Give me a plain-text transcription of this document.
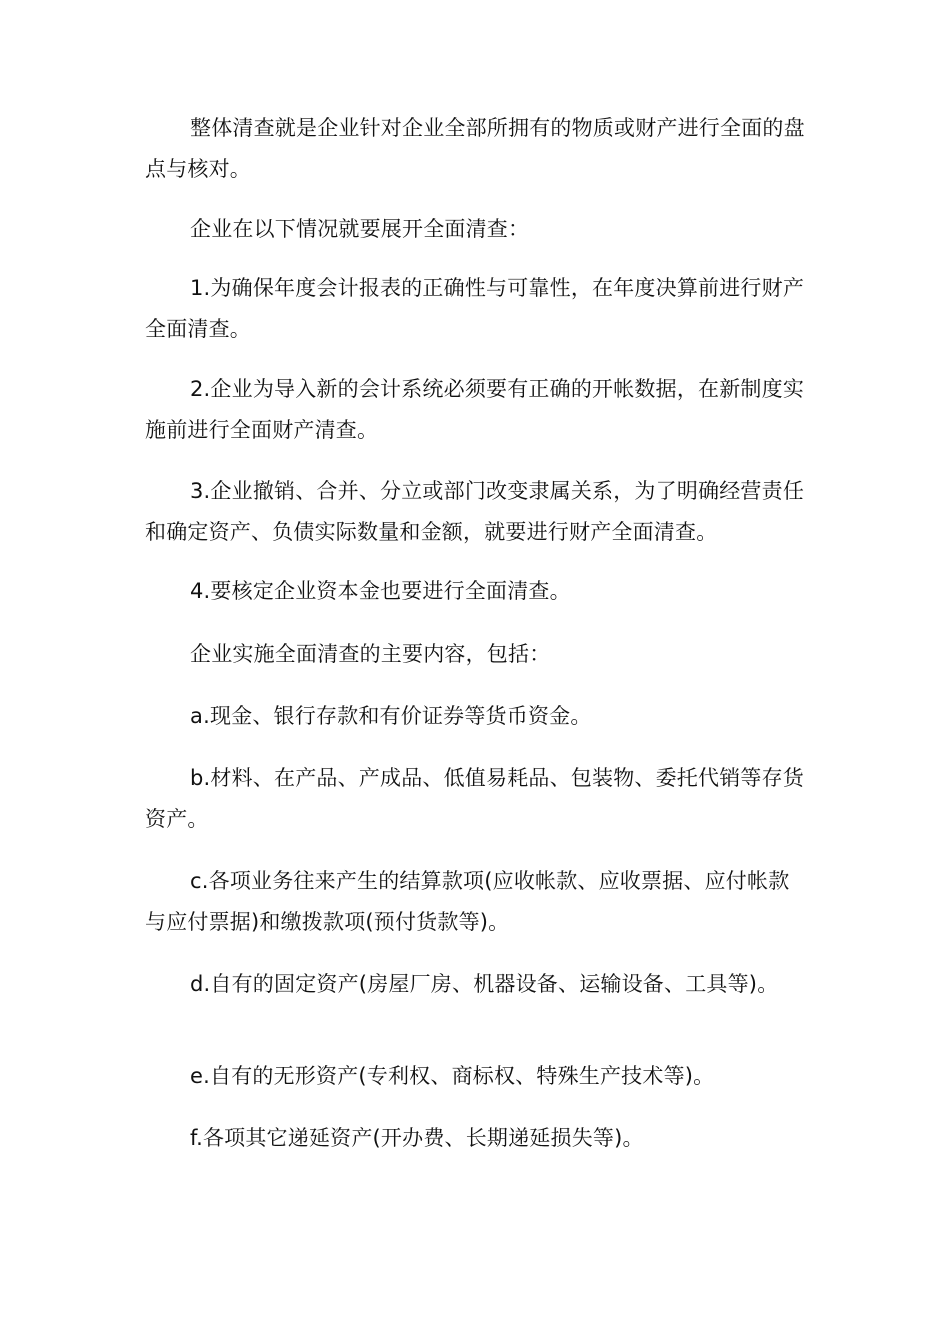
整体清查就是企业针对企业全部所拥有的物质或财产进行全面的盘点与核对。

企业在以下情况就要展开全面清查：

1.为确保年度会计报表的正确性与可靠性，在年度决算前进行财产全面清查。

2.企业为导入新的会计系统必须要有正确的开帐数据，在新制度实施前进行全面财产清查。

3.企业撤销、合并、分立或部门改变隶属关系，为了明确经营责任和确定资产、负债实际数量和金额，就要进行财产全面清查。

4.要核定企业资本金也要进行全面清查。

企业实施全面清查的主要内容，包括：

a.现金、银行存款和有价证券等货币资金。

b.材料、在产品、产成品、低值易耗品、包装物、委托代销等存货资产。

c.各项业务往来产生的结算款项(应收帐款、应收票据、应付帐款与应付票据)和缴拨款项(预付货款等)。

d.自有的固定资产(房屋厂房、机器设备、运输设备、工具等)。

e.自有的无形资产(专利权、商标权、特殊生产技术等)。

f.各项其它递延资产(开办费、长期递延损失等)。
